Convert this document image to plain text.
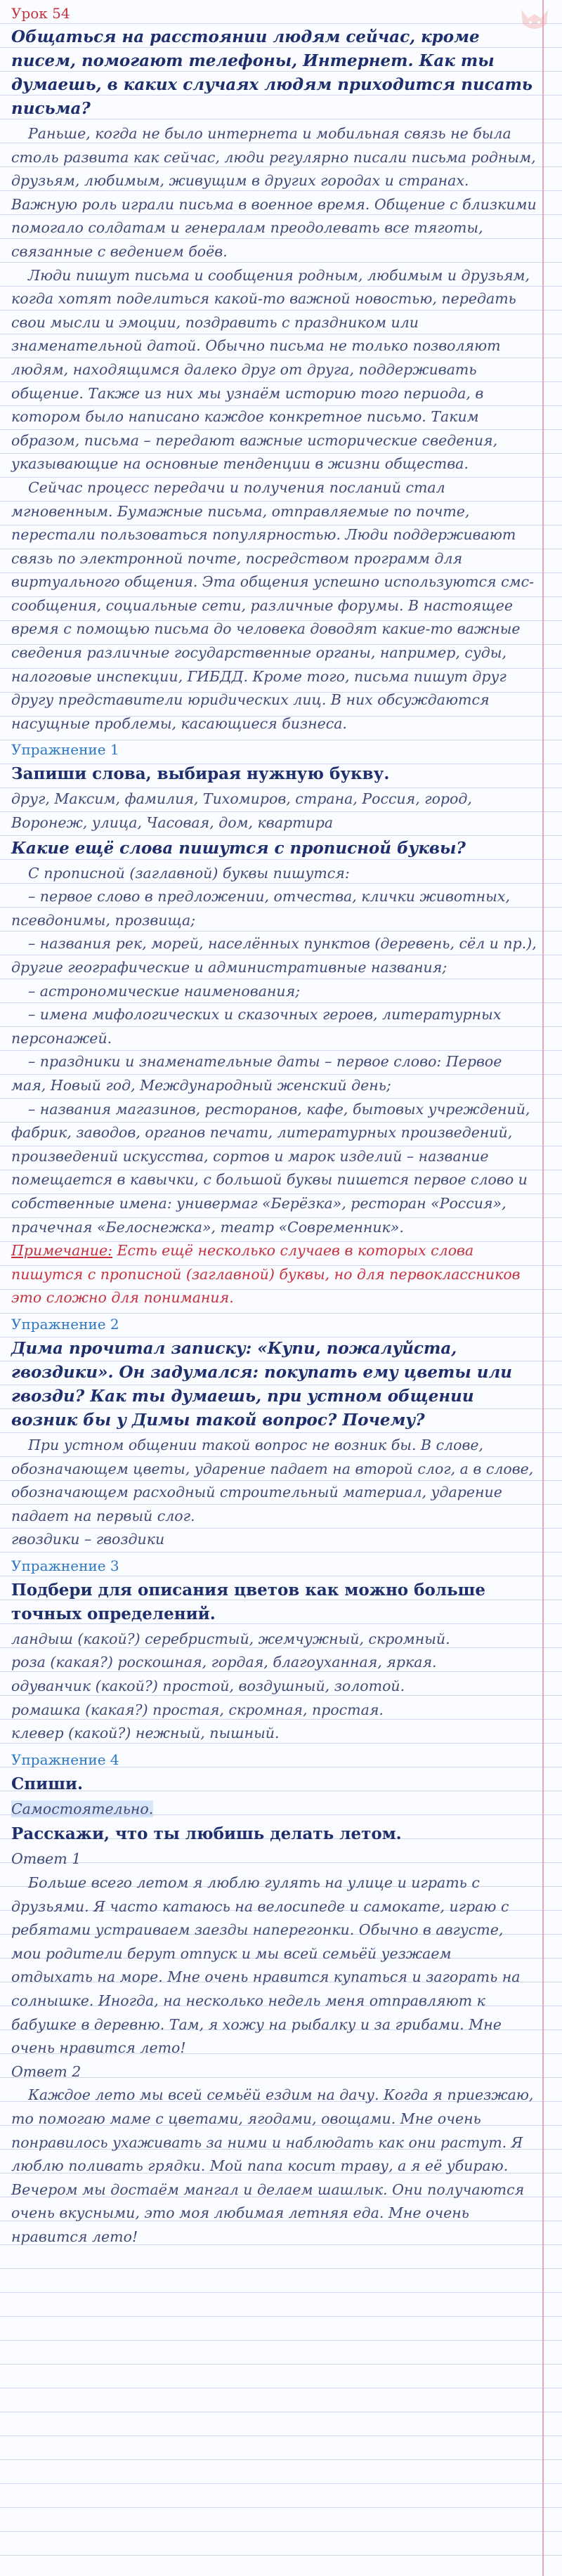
Урок 54
Общаться на расстоянии людям сейчас, кроме писем, помогают телефоны, Интернет. Как ты думаешь, в каких случаях людям приходится писать письма?

Раньше, когда не было интернета и мобильная связь не была столь развита как сейчас, люди регулярно писали письма родным, друзьям, любимым, живущим в других городах и странах. Важную роль играли письма в военное время. Общение с близкими помогало солдатам и генералам преодолевать все тяготы, связанные с ведением боёв.

Люди пишут письма и сообщения родным, любимым и друзьям, когда хотят поделиться какой-то важной новостью, передать свои мысли и эмоции, поздравить с праздником или знаменательной датой. Обычно письма не только позволяют людям, находящимся далеко друг от друга, поддерживать общение. Также из них мы узнаём историю того периода, в котором было написано каждое конкретное письмо. Таким образом, письма – передают важные исторические сведения, указывающие на основные тенденции в жизни общества.

Сейчас процесс передачи и получения посланий стал мгновенным. Бумажные письма, отправляемые по почте, перестали пользоваться популярностью. Люди поддерживают связь по электронной почте, посредством программ для виртуального общения. Эта общения успешно используются смс-сообщения, социальные сети, различные форумы. В настоящее время с помощью письма до человека доводят какие-то важные сведения различные государственные органы, например, суды, налоговые инспекции, ГИБДД. Кроме того, письма пишут друг другу представители юридических лиц. В них обсуждаются насущные проблемы, касающиеся бизнеса.

Упражнение 1
Запиши слова, выбирая нужную букву.

друг, Максим, фамилия, Тихомиров, страна, Россия, город, Воронеж, улица, Часовая, дом, квартира

Какие ещё слова пишутся с прописной буквы?

С прописной (заглавной) буквы пишутся:

– первое слово в предложении, отчества, клички животных, псевдонимы, прозвища;

– названия рек, морей, населённых пунктов (деревень, сёл и пр.), другие географические и административные названия;

– астрономические наименования;

– имена мифологических и сказочных героев, литературных персонажей.

– праздники и знаменательные даты – первое слово: Первое мая, Новый год, Международный женский день;

– названия магазинов, ресторанов, кафе, бытовых учреждений, фабрик, заводов, органов печати, литературных произведений, произведений искусства, сортов и марок изделий – название помещается в кавычки, с большой буквы пишется первое слово и собственные имена: универмаг «Берёзка», ресторан «Россия», прачечная «Белоснежка», театр «Современник».

Примечание: Есть ещё несколько случаев в которых слова пишутся с прописной (заглавной) буквы, но для первоклассников это сложно для понимания.
Упражнение 2
Дима прочитал записку: «Купи, пожалуйста, гвоздики». Он задумался: покупать ему цветы или гвозди? Как ты думаешь, при устном общении возник бы у Димы такой вопрос? Почему?

При устном общении такой вопрос не возник бы. В слове, обозначающем цветы, ударение падает на второй слог, а в слове, обозначающем расходный строительный материал, ударение падает на первый слог.

гвоздики – гвоздики

Упражнение 3
Подбери для описания цветов как можно больше точных определений.
ландыш (какой?) серебристый, жемчужный, скромный.
роза (какая?) роскошная, гордая, благоуханная, яркая.
одуванчик (какой?) простой, воздушный, золотой.
ромашка (какая?) простая, скромная, простая.
клевер (какой?) нежный, пышный.
Упражнение 4
Спиши.
Самостоятельно.
Расскажи, что ты любишь делать летом.
Ответ 1

Больше всего летом я люблю гулять на улице и играть с друзьями. Я часто катаюсь на велосипеде и самокате, играю с ребятами устраиваем заезды наперегонки. Обычно в августе, мои родители берут отпуск и мы всей семьёй уезжаем отдыхать на море. Мне очень нравится купаться и загорать на солнышке. Иногда, на несколько недель меня отправляют к бабушке в деревню. Там, я хожу на рыбалку и за грибами. Мне очень нравится лето!

Ответ 2

Каждое лето мы всей семьёй ездим на дачу. Когда я приезжаю, то помогаю маме с цветами, ягодами, овощами. Мне очень понравилось ухаживать за ними и наблюдать как они растут. Я люблю поливать грядки. Мой папа косит траву, а я её убираю. Вечером мы достаём мангал и делаем шашлык. Они получаются очень вкусными, это моя любимая летняя еда. Мне очень нравится лето!
